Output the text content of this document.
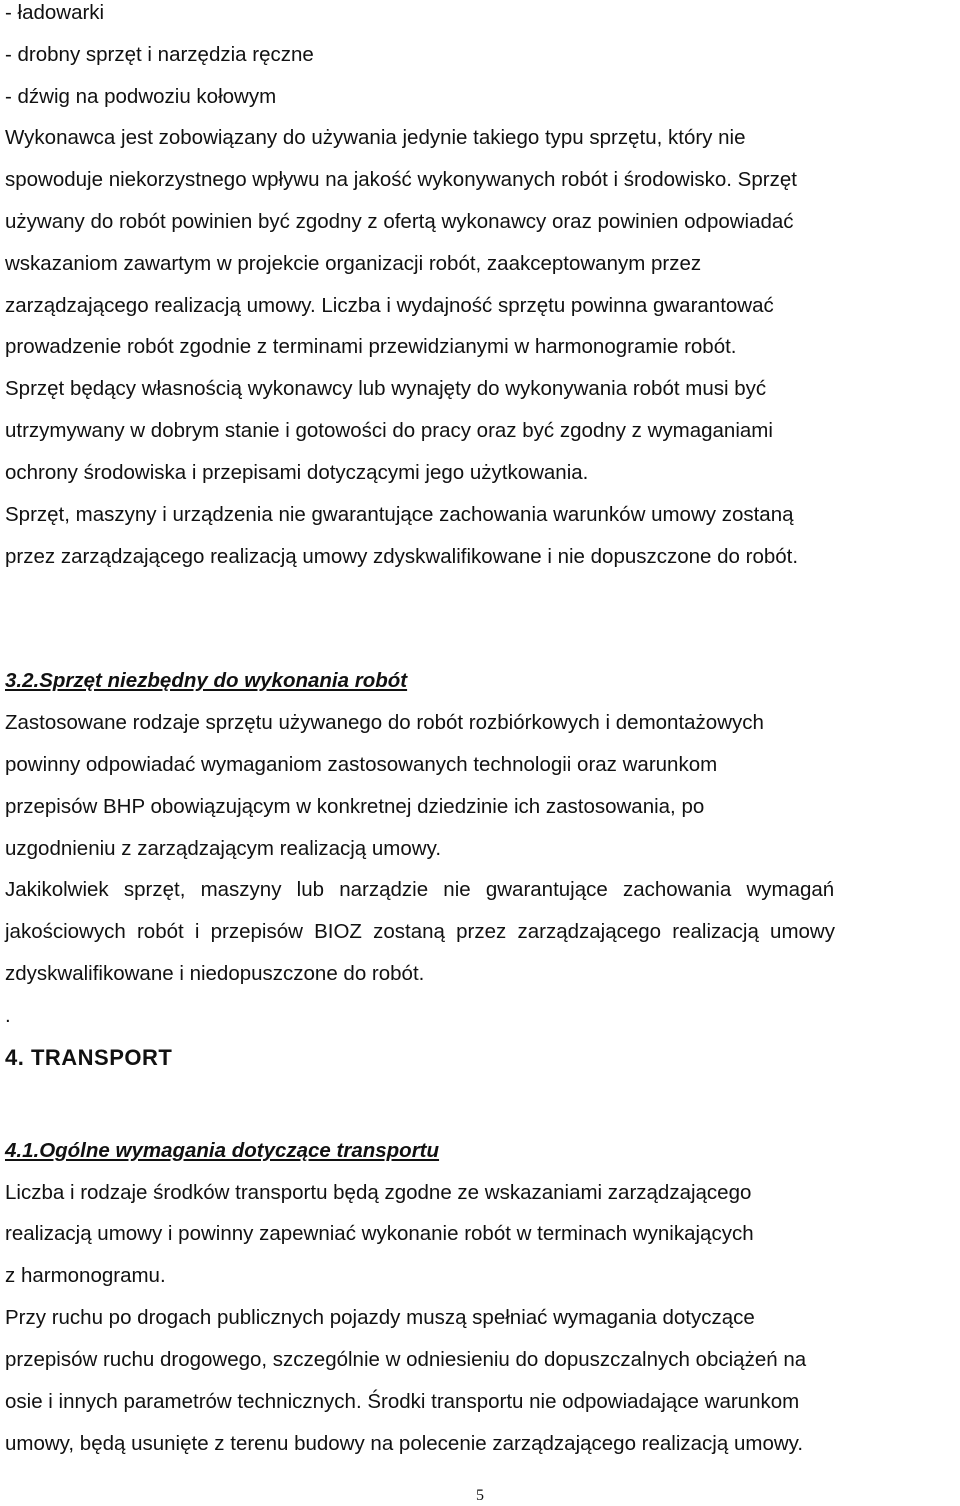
- ładowarki

- drobny sprzęt i narzędzia ręczne

- dźwig na podwoziu kołowym

Wykonawca jest zobowiązany do używania jedynie takiego typu sprzętu, który nie

spowoduje niekorzystnego wpływu na jakość wykonywanych robót i środowisko. Sprzęt

używany do robót powinien być zgodny z ofertą wykonawcy oraz powinien odpowiadać

wskazaniom zawartym w projekcie organizacji robót, zaakceptowanym przez

zarządzającego realizacją umowy. Liczba i wydajność sprzętu powinna gwarantować

prowadzenie robót zgodnie z terminami przewidzianymi w harmonogramie robót.

Sprzęt będący własnością wykonawcy lub wynajęty do wykonywania robót musi być

utrzymywany w dobrym stanie i gotowości do pracy oraz być zgodny z wymaganiami

ochrony środowiska i przepisami dotyczącymi jego użytkowania.

Sprzęt, maszyny i urządzenia nie gwarantujące zachowania warunków umowy zostaną

przez zarządzającego realizacją umowy zdyskwalifikowane i nie dopuszczone do robót.

3.2.Sprzęt niezbędny do wykonania robót

Zastosowane rodzaje sprzętu używanego do robót rozbiórkowych i demontażowych

powinny odpowiadać wymaganiom zastosowanych technologii oraz warunkom

przepisów BHP obowiązującym w konkretnej dziedzinie ich zastosowania, po

uzgodnieniu z zarządzającym realizacją umowy.

Jakikolwiek sprzęt, maszyny lub narządzie nie gwarantujące zachowania wymagań

jakościowych robót i przepisów BIOZ zostaną przez zarządzającego realizacją umowy

zdyskwalifikowane i niedopuszczone do robót.

.

4. TRANSPORT

4.1.Ogólne wymagania dotyczące transportu

Liczba i rodzaje środków transportu będą zgodne ze wskazaniami zarządzającego

realizacją umowy i powinny zapewniać wykonanie robót w terminach wynikających

z harmonogramu.

Przy ruchu po drogach publicznych pojazdy muszą spełniać wymagania dotyczące

przepisów ruchu drogowego, szczególnie w odniesieniu do dopuszczalnych obciążeń na

osie i innych parametrów technicznych. Środki transportu nie odpowiadające warunkom

umowy, będą usunięte z terenu budowy na polecenie zarządzającego realizacją umowy.

5
